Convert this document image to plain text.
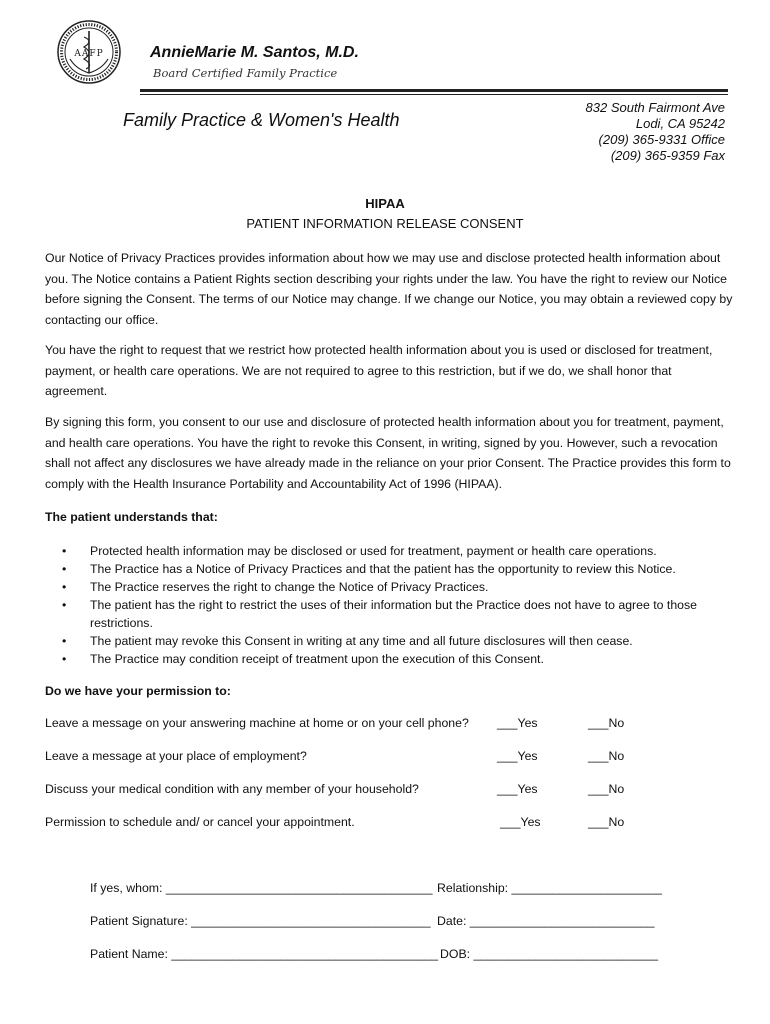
AAFP	AnnieMarie M. Santos, M.D.
Board Certified Family Practice
Family Practice & Women's Health
832 South Fairmont Ave
Lodi, CA 95242
(209) 365-9331 Office
(209) 365-9359 Fax
HIPAA
PATIENT INFORMATION RELEASE CONSENT
Our Notice of Privacy Practices provides information about how we may use and disclose protected health information about you. The Notice contains a Patient Rights section describing your rights under the law. You have the right to review our Notice before signing the Consent. The terms of our Notice may change. If we change our Notice, you may obtain a reviewed copy by contacting our office.
You have the right to request that we restrict how protected health information about you is used or disclosed for treatment, payment, or health care operations. We are not required to agree to this restriction, but if we do, we shall honor that agreement.
By signing this form, you consent to our use and disclosure of protected health information about you for treatment, payment, and health care operations. You have the right to revoke this Consent, in writing, signed by you. However, such a revocation shall not affect any disclosures we have already made in the reliance on your prior Consent. The Practice provides this form to comply with the Health Insurance Portability and Accountability Act of 1996 (HIPAA).
The patient understands that:
• Protected health information may be disclosed or used for treatment, payment or health care operations.
• The Practice has a Notice of Privacy Practices and that the patient has the opportunity to review this Notice.
• The Practice reserves the right to change the Notice of Privacy Practices.
• The patient has the right to restrict the uses of their information but the Practice does not have to agree to those restrictions.
• The patient may revoke this Consent in writing at any time and all future disclosures will then cease.
• The Practice may condition receipt of treatment upon the execution of this Consent.
Do we have your permission to:
Leave a message on your answering machine at home or on your cell phone? ___Yes	___No
Leave a message at your place of employment?	___Yes	___No
Discuss your medical condition with any member of your household?	___Yes	___No
Permission to schedule and/ or cancel your appointment.	___Yes	___No
If yes, whom: _______________________________________ Relationship: ______________________
Patient Signature: ___________________________________ Date: ___________________________
Patient Name: _______________________________________ DOB: ___________________________
